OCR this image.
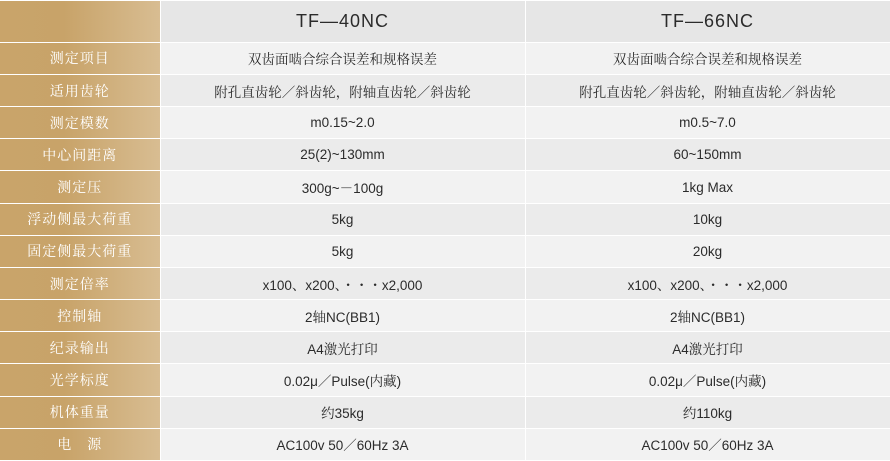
	TF—40NC	TF—66NC
测定项目	双齿面啮合综合误差和规格误差	双齿面啮合综合误差和规格误差
适用齿轮	附孔直齿轮／斜齿轮，附轴直齿轮／斜齿轮	附孔直齿轮／斜齿轮，附轴直齿轮／斜齿轮
测定模数	m0.15~2.0	m0.5~7.0
中心间距离	25(2)~130mm	60~150mm
测定压	300g~－100g	1kg Max
浮动侧最大荷重	5kg	10kg
固定侧最大荷重	5kg	20kg
测定倍率	x100、x200、・・・x2,000	x100、x200、・・・x2,000
控制轴	2轴NC(BB1)	2轴NC(BB1)
纪录输出	A4激光打印	A4激光打印
光学标度	0.02μ／Pulse(内藏)	0.02μ／Pulse(内藏)
机体重量	约35kg	约110kg
电　源	AC100v 50／60Hz 3A	AC100v 50／60Hz 3A
